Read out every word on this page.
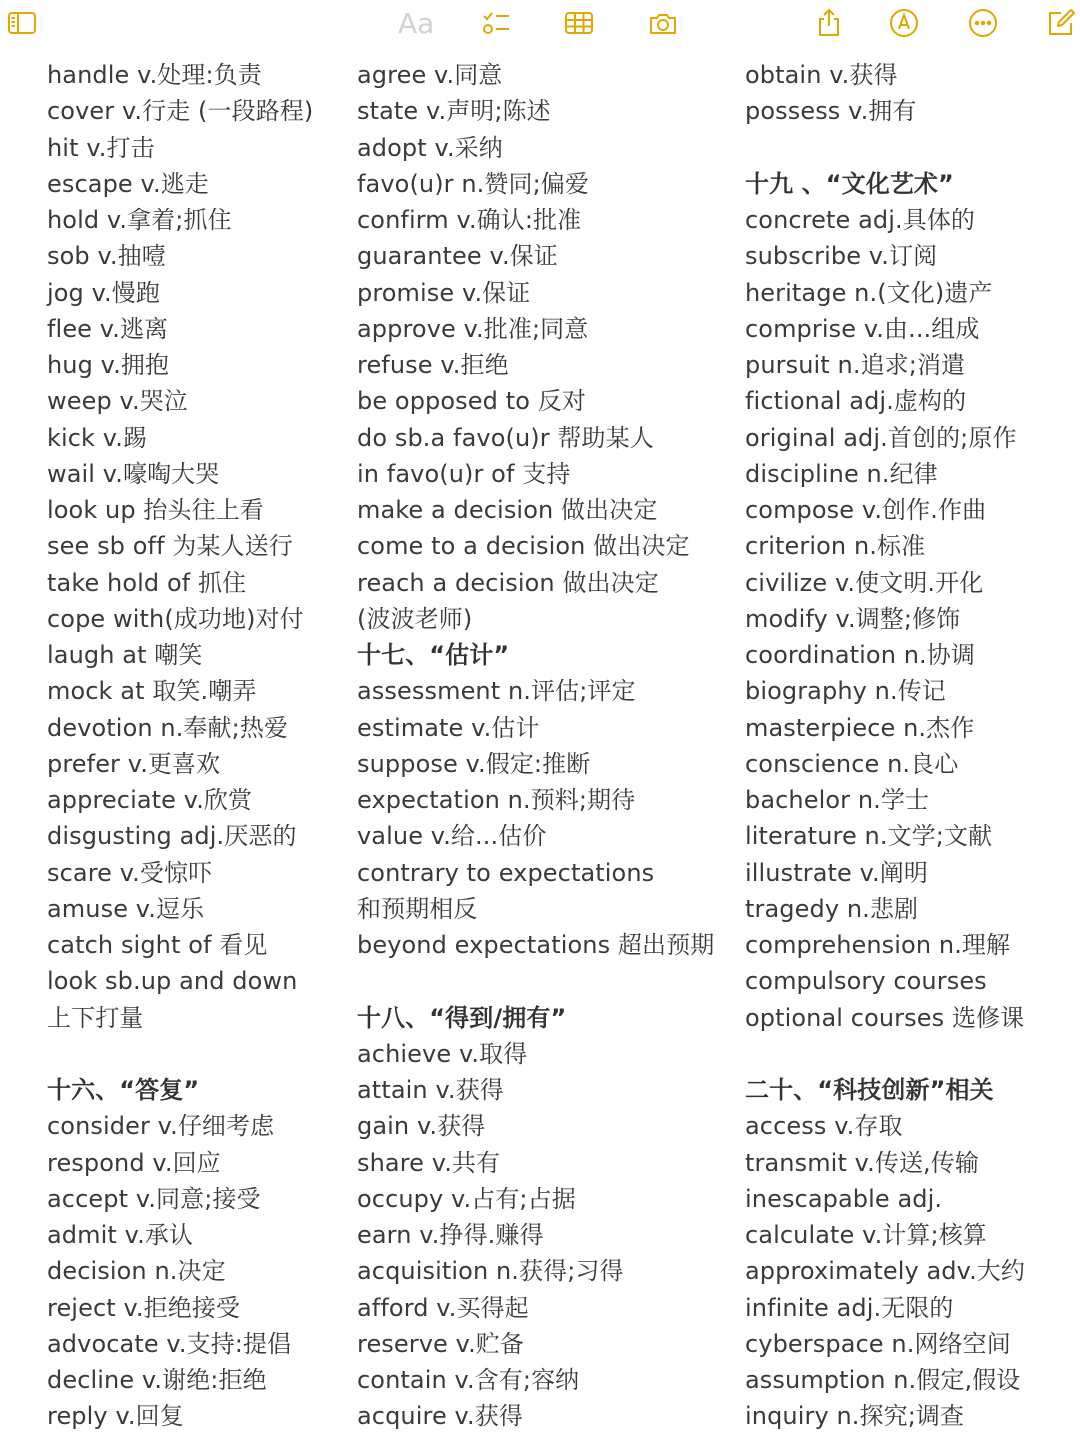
Aa
handle v.处理:负责
cover v.行走 (一段路程)
hit v.打击
escape v.逃走
hold v.拿着;抓住
sob v.抽噎
jog v.慢跑
flee v.逃离
hug v.拥抱
weep v.哭泣
kick v.踢
wail v.嚎啕大哭
look up 抬头往上看
see sb off 为某人送行
take hold of 抓住
cope with(成功地)对付
laugh at 嘲笑
mock at 取笑.嘲弄
devotion n.奉献;热爱
prefer v.更喜欢
appreciate v.欣赏
disgusting adj.厌恶的
scare v.受惊吓
amuse v.逗乐
catch sight of 看见
look sb.up and down
上下打量
十六、“答复”
consider v.仔细考虑
respond v.回应
accept v.同意;接受
admit v.承认
decision n.决定
reject v.拒绝接受
advocate v.支持:提倡
decline v.谢绝:拒绝
reply v.回复
agree v.同意
state v.声明;陈述
adopt v.采纳
favo(u)r n.赞同;偏爱
confirm v.确认:批准
guarantee v.保证
promise v.保证
approve v.批准;同意
refuse v.拒绝
be opposed to 反对
do sb.a favo(u)r 帮助某人
in favo(u)r of 支持
make a decision 做出决定
come to a decision 做出决定
reach a decision 做出决定
(波波老师)
十七、“估计”
assessment n.评估;评定
estimate v.估计
suppose v.假定:推断
expectation n.预料;期待
value v.给...估价
contrary to expectations
和预期相反
beyond expectations 超出预期
十八、“得到/拥有”
achieve v.取得
attain v.获得
gain v.获得
share v.共有
occupy v.占有;占据
earn v.挣得.赚得
acquisition n.获得;习得
afford v.买得起
reserve v.贮备
contain v.含有;容纳
acquire v.获得
obtain v.获得
possess v.拥有
十九 、“文化艺术”
concrete adj.具体的
subscribe v.订阅
heritage n.(文化)遗产
comprise v.由...组成
pursuit n.追求;消遣
fictional adj.虚构的
original adj.首创的;原作
discipline n.纪律
compose v.创作.作曲
criterion n.标准
civilize v.使文明.开化
modify v.调整;修饰
coordination n.协调
biography n.传记
masterpiece n.杰作
conscience n.良心
bachelor n.学士
literature n.文学;文献
illustrate v.阐明
tragedy n.悲剧
comprehension n.理解
compulsory courses
optional courses 选修课
二十、“科技创新”相关
access v.存取
transmit v.传送,传输
inescapable adj.
calculate v.计算;核算
approximately adv.大约
infinite adj.无限的
cyberspace n.网络空间
assumption n.假定,假设
inquiry n.探究;调查
